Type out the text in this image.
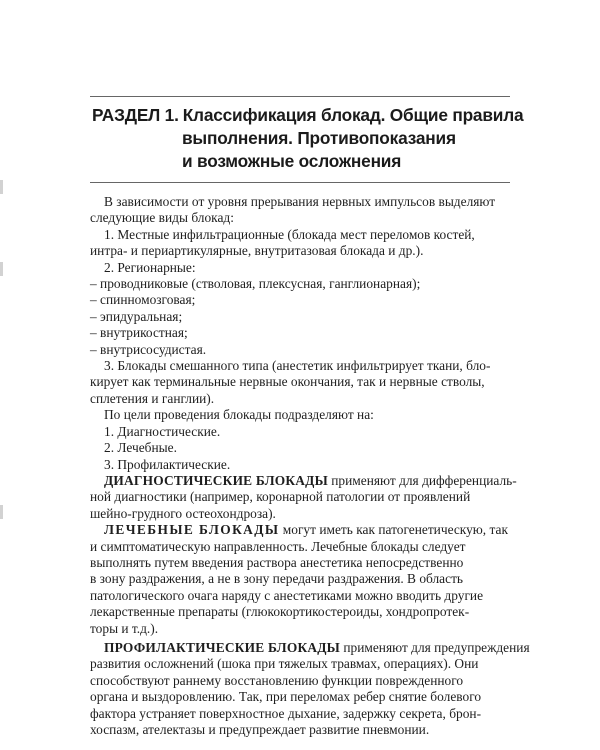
РАЗДЕЛ 1. Классификация блокад. Общие правила
выполнения. Противопоказания
и возможные осложнения
В зависимости от уровня прерывания нервных импульсов выделяют
следующие виды блокад:
1. Местные инфильтрационные (блокада мест переломов костей,
интра- и периартикулярные, внутритазовая блокада и др.).
2. Регионарные:
– проводниковые (стволовая, плексусная, ганглионарная);
– спинномозговая;
– эпидуральная;
– внутрикостная;
– внутрисосудистая.
3. Блокады смешанного типа (анестетик инфильтрирует ткани, бло-
кирует как терминальные нервные окончания, так и нервные стволы,
сплетения и ганглии).
По цели проведения блокады подразделяют на:
1. Диагностические.
2. Лечебные.
3. Профилактические.
ДИАГНОСТИЧЕСКИЕ БЛОКАДЫ применяют для дифференциаль-
ной диагностики (например, коронарной патологии от проявлений
шейно-грудного остеохондроза).
ЛЕЧЕБНЫЕ БЛОКАДЫ могут иметь как патогенетическую, так
и симптоматическую направленность. Лечебные блокады следует
выполнять путем введения раствора анестетика непосредственно
в зону раздражения, а не в зону передачи раздражения. В область
патологического очага наряду с анестетиками можно вводить другие
лекарственные препараты (глюкокортикостероиды, хондропротек-
торы и т.д.).
ПРОФИЛАКТИЧЕСКИЕ БЛОКАДЫ применяют для предупреждения
развития осложнений (шока при тяжелых травмах, операциях). Они
способствуют раннему восстановлению функции поврежденного
органа и выздоровлению. Так, при переломах ребер снятие болевого
фактора устраняет поверхностное дыхание, задержку секрета, брон-
хоспазм, ателектазы и предупреждает развитие пневмонии.
